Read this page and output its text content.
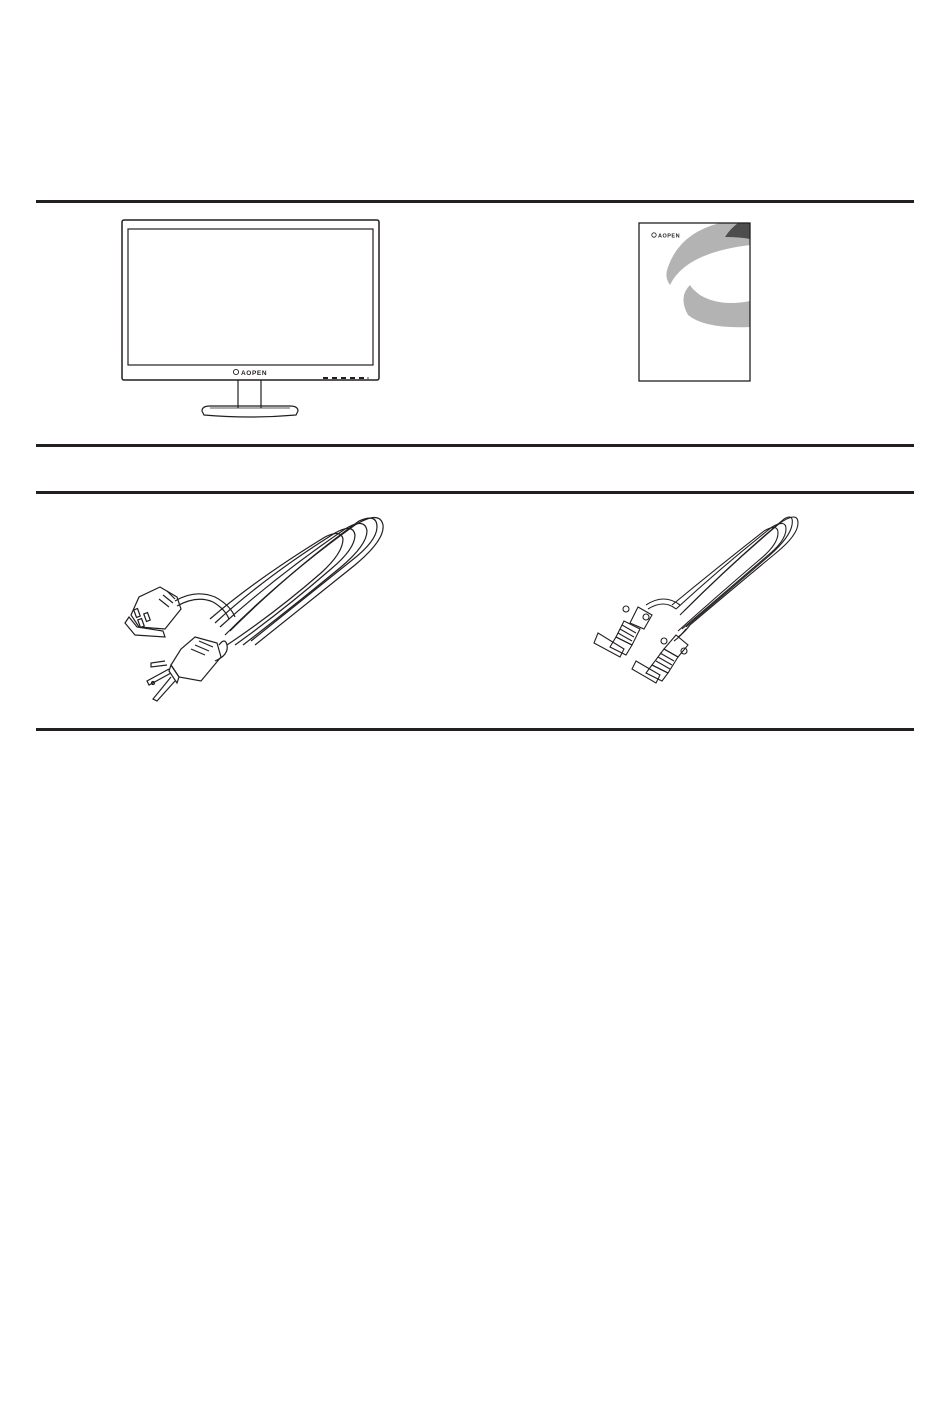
AOPEN
AOPEN
